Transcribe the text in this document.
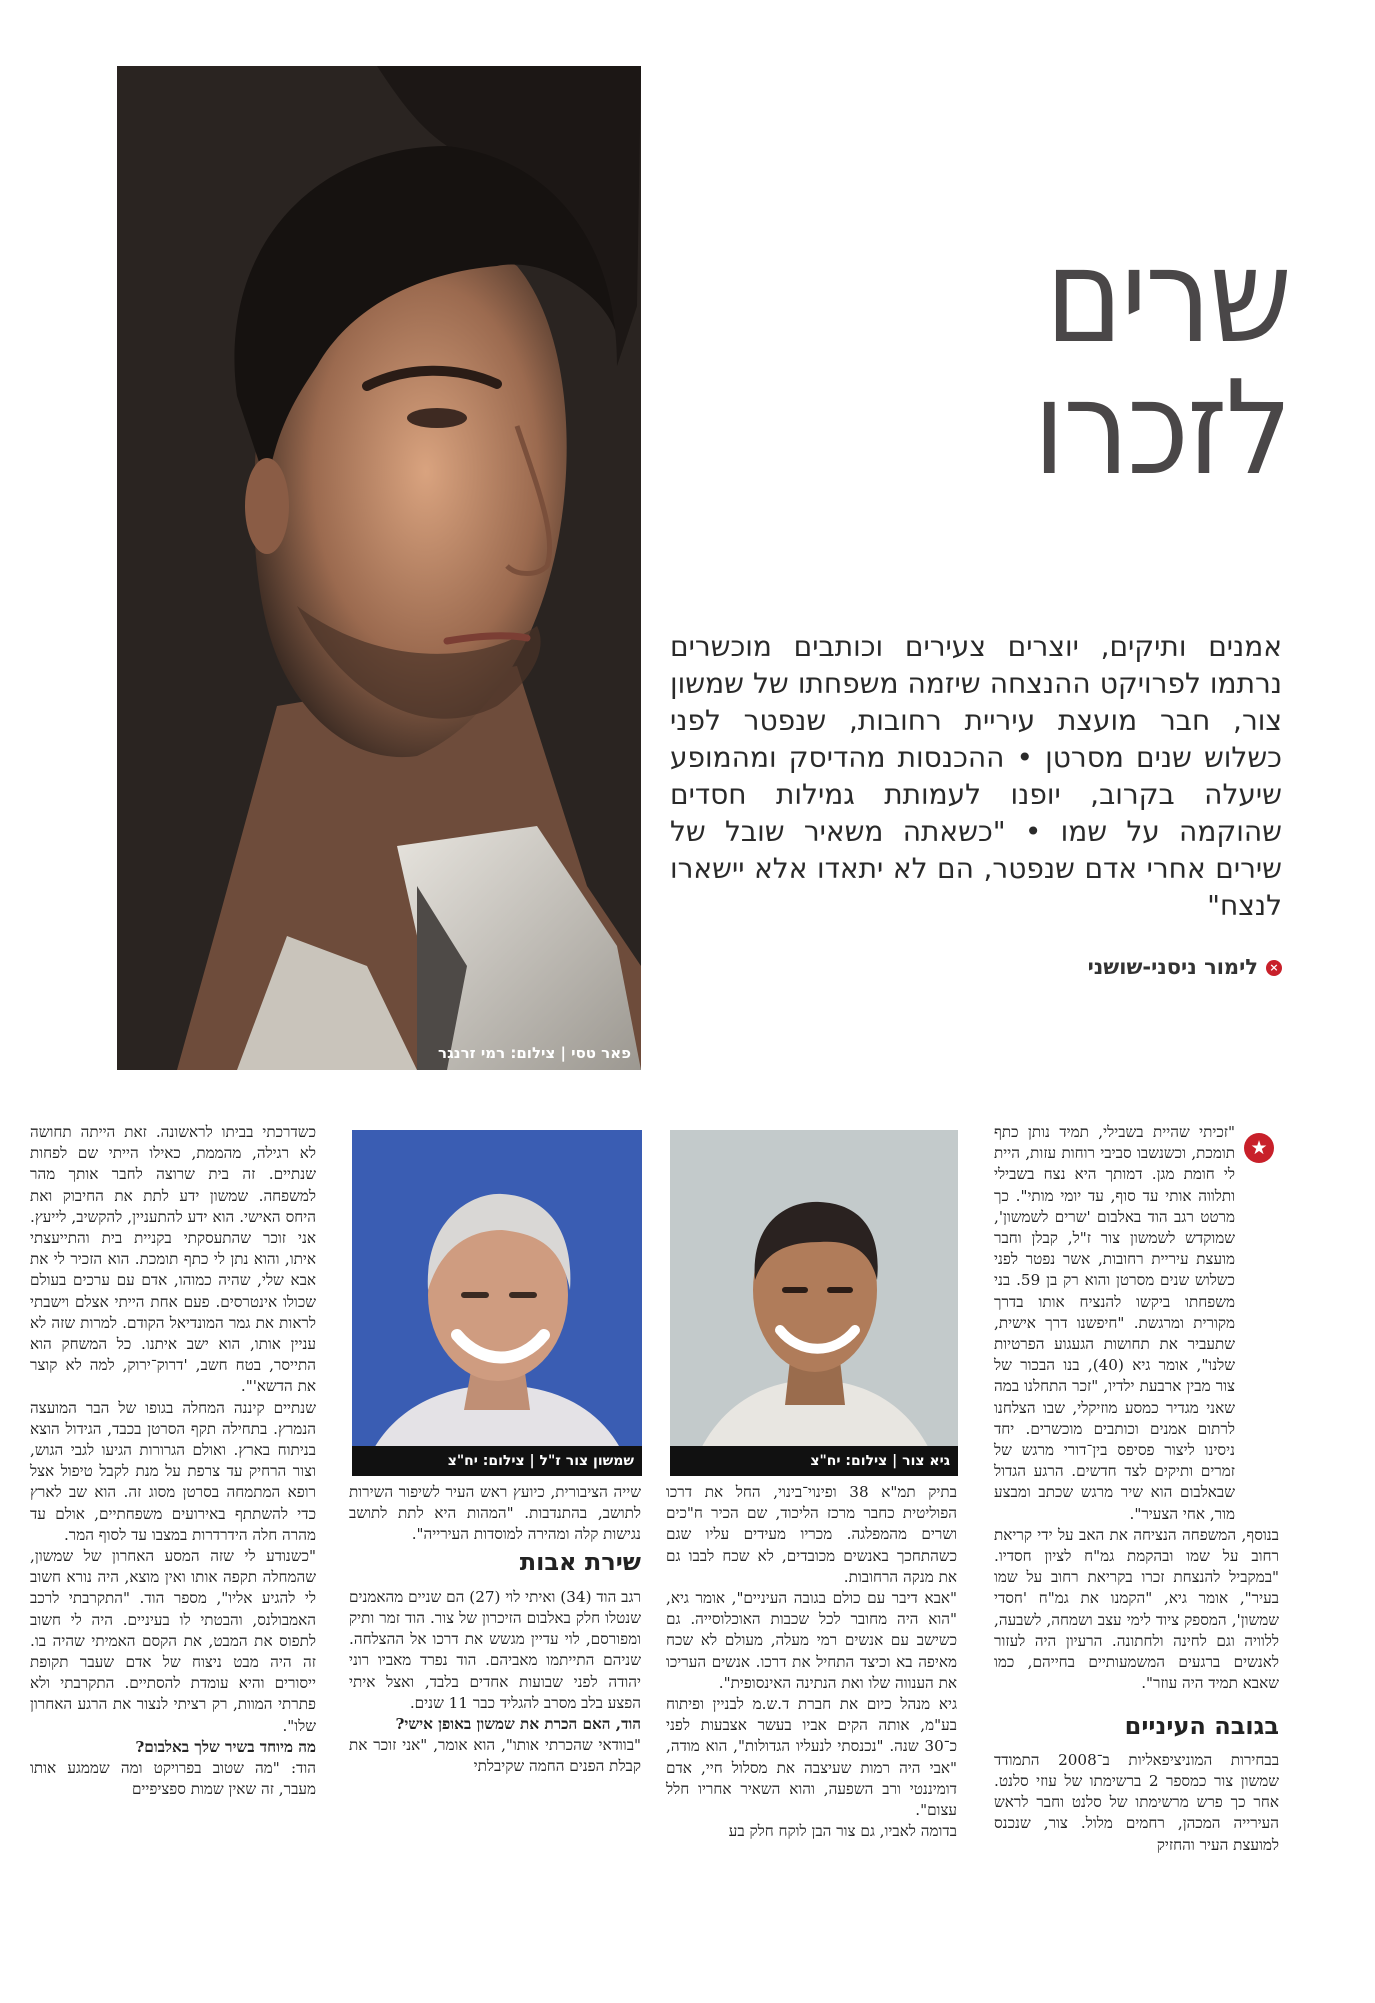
פאר טסי | צילום: רמי זרנגר
שרים
לזכרו
אמנים ותיקים, יוצרים צעירים וכותבים מוכשרים נרתמו לפרויקט ההנצחה שיזמה משפחתו של שמשון צור, חבר מועצת עיריית רחובות, שנפטר לפני כשלוש שנים מסרטן • ההכנסות מהדיסק ומהמופע שיעלה בקרוב, יופנו לעמותת גמילות חסדים שהוקמה על שמו • "כשאתה משאיר שובל של שירים אחרי אדם שנפטר, הם לא יתאדו אלא יישארו לנצח"
×לימור ניסני-שושני
גיא צור | צילום: יח"צ
שמשון צור ז"ל | צילום: יח"צ
★

"זכיתי שהיית בשבילי, תמיד נותן כתף תומכת, וכשנשבו סביבי רוחות עזות, היית לי חומת מגן. דמותך היא נצח בשבילי ותלווה אותי עד סוף, עד יומי מותי". כך מרטט רגב הוד באלבום 'שרים לשמשון', שמוקדש לשמשון צור ז"ל, קבלן וחבר מועצת עיריית רחובות, אשר נפטר לפני כשלוש שנים מסרטן והוא רק בן 59. בני משפחתו ביקשו להנציח אותו בדרך מקורית ומרגשת. "חיפשנו דרך אישית, שתעביר את תחושות הגעגוע הפרטיות שלנו", אומר גיא (40), בנו הבכור של צור מבין ארבעת ילדיו, "זכר התחלנו במה שאני מגדיר כמסע מוזיקלי, שבו הצלחנו לרתום אמנים וכותבים מוכשרים. יחד ניסינו ליצור פסיפס בין־דורי מרגש של זמרים ותיקים לצד חדשים. הרגע הגדול שבאלבום הוא שיר מרגש שכתב ומבצע מור, אחי הצעיר".

בנוסף, המשפחה הנציחה את האב על ידי קריאת רחוב על שמו ובהקמת גמ"ח לציון חסדיו. "במקביל להנצחת זכרו בקריאת רחוב על שמו בעיר", אומר גיא, "הקמנו את גמ"ח 'חסדי שמשון', המספק ציוד לימי עצב ושמחה, לשבעה, ללוויה וגם לחינה ולחתונה. הרעיון היה לעזור לאנשים ברגעים המשמעותיים בחייהם, כמו שאבא תמיד היה עוזר".

בגובה העיניים

בבחירות המוניציפאליות ב־2008 התמודד שמשון צור כמספר 2 ברשימתו של עוזי סלנט. אחר כך פרש מרשימתו של סלנט וחבר לראש העירייה המכהן, רחמים מלול. צור, שנכנס למועצת העיר והחזיק

בתיק תמ"א 38 ופינוי־בינוי, החל את דרכו הפוליטית כחבר מרכז הליכוד, שם הכיר ח"כים ושרים מהמפלגה. מכריו מעידים עליו שגם כשהתחכך באנשים מכובדים, לא שכח לבבו גם את מנקה הרחובות.

"אבא דיבר עם כולם בגובה העיניים", אומר גיא, "הוא היה מחובר לכל שכבות האוכלוסייה. גם כשישב עם אנשים רמי מעלה, מעולם לא שכח מאיפה בא וכיצד התחיל את דרכו. אנשים העריכו את הענווה שלו ואת הנתינה האינסופית".

גיא מנהל כיום את חברת ד.ש.מ לבניין ופיתוח בע"מ, אותה הקים אביו בעשר אצבעות לפני כ־30 שנה. "נכנסתי לנעליו הגדולות", הוא מודה, "אבי היה רמות שעיצבה את מסלול חיי, אדם דומיננטי ורב השפעה, והוא השאיר אחריו חלל עצום".

בדומה לאביו, גם צור הבן לוקח חלק בע

שייה הציבורית, כיועץ ראש העיר לשיפור השירות לתושב, בהתנדבות. "המהות היא לתת לתושב נגישות קלה ומהירה למוסדות העירייה".

שירת אבות

רגב הוד (34) ואיתי לוי (27) הם שניים מהאמנים שנטלו חלק באלבום הזיכרון של צור. הוד זמר ותיק ומפורסם, לוי עדיין מגשש את דרכו אל ההצלחה. שניהם התייתמו מאביהם. הוד נפרד מאביו רוני יהודה לפני שבועות אחדים בלבד, ואצל איתי הפצע בלב מסרב להגליד כבר 11 שנים.

הוד, האם הכרת את שמשון באופן אישי?

"בוודאי שהכרתי אותו", הוא אומר, "אני זוכר את קבלת הפנים החמה שקיבלתי

כשדרכתי בביתו לראשונה. זאת הייתה תחושה לא רגילה, מהממת, כאילו הייתי שם לפחות שנתיים. זה בית שרוצה לחבר אותך מהר למשפחה. שמשון ידע לתת את החיבוק ואת היחס האישי. הוא ידע להתעניין, להקשיב, לייעץ. אני זוכר שהתעסקתי בקניית בית והתייעצתי איתו, והוא נתן לי כתף תומכת. הוא הזכיר לי את אבא שלי, שהיה כמוהו, אדם עם ערכים בעולם שכולו אינטרסים. פעם אחת הייתי אצלם וישבתי לראות את גמר המונדיאל הקודם. למרות שזה לא עניין אותו, הוא ישב איתנו. כל המשחק הוא התייסר, בטח חשב, 'דרוק־ירוק, למה לא קוצר את הדשא'".

שנתיים קיננה המחלה בגופו של הבר המועצה הנמרץ. בתחילה תקף הסרטן בכבד, הגידול הוצא בניתוח בארץ. ואולם הגרורות הגיעו לגבי הגוש, וצור הרחיק עד צרפת על מנת לקבל טיפול אצל רופא המתמחה בסרטן מסוג זה. הוא שב לארץ כדי להשתתף באירועים משפחתיים, אולם עד מהרה חלה הידרדרות במצבו עד לסוף המר.

"כשנודע לי שזה המסע האחרון של שמשון, שהמחלה תקפה אותו ואין מוצא, היה נורא חשוב לי להגיע אליו", מספר הוד. "התקרבתי לרכב האמבולנס, והבטתי לו בעיניים. היה לי חשוב לתפוס את המבט, את הקסם האמיתי שהיה בו. זה היה מבט ניצוח של אדם שעבר תקופת ייסורים והיא עומדת להסתיים. התקרבתי ולא פתרתי המוות, רק רציתי לנצור את הרגע האחרון שלו".

מה מיוחד בשיר שלך באלבום?

הוד: "מה שטוב בפרויקט ומה שממגע אותו מעבר, זה שאין שמות ספציפיים
